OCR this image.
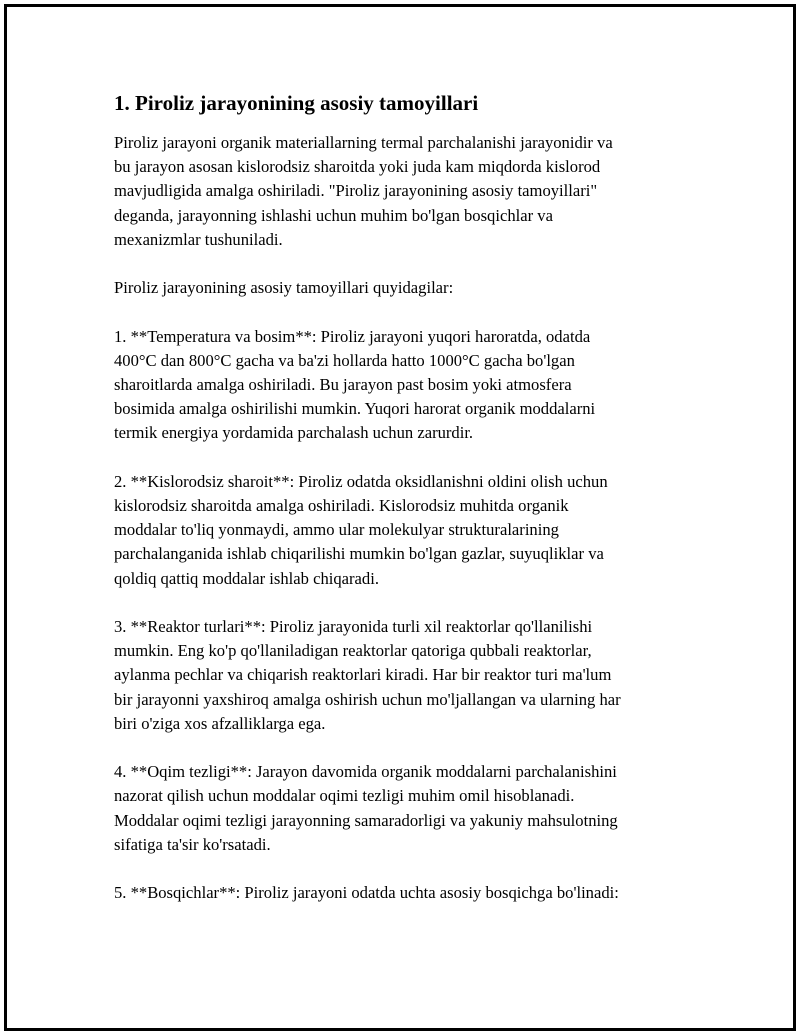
1. Piroliz jarayonining asosiy tamoyillari
Piroliz jarayoni organik materiallarning termal parchalanishi jarayonidir va
bu jarayon asosan kislorodsiz sharoitda yoki juda kam miqdorda kislorod
mavjudligida amalga oshiriladi. "Piroliz jarayonining asosiy tamoyillari"
deganda, jarayonning ishlashi uchun muhim bo'lgan bosqichlar va
mexanizmlar tushuniladi.
Piroliz jarayonining asosiy tamoyillari quyidagilar:
1. **Temperatura va bosim**: Piroliz jarayoni yuqori haroratda, odatda
400°C dan 800°C gacha va ba'zi hollarda hatto 1000°C gacha bo'lgan
sharoitlarda amalga oshiriladi. Bu jarayon past bosim yoki atmosfera
bosimida amalga oshirilishi mumkin. Yuqori harorat organik moddalarni
termik energiya yordamida parchalash uchun zarurdir.
2. **Kislorodsiz sharoit**: Piroliz odatda oksidlanishni oldini olish uchun
kislorodsiz sharoitda amalga oshiriladi. Kislorodsiz muhitda organik
moddalar to'liq yonmaydi, ammo ular molekulyar strukturalarining
parchalanganida ishlab chiqarilishi mumkin bo'lgan gazlar, suyuqliklar va
qoldiq qattiq moddalar ishlab chiqaradi.
3. **Reaktor turlari**: Piroliz jarayonida turli xil reaktorlar qo'llanilishi
mumkin. Eng ko'p qo'llaniladigan reaktorlar qatoriga qubbali reaktorlar,
aylanma pechlar va chiqarish reaktorlari kiradi. Har bir reaktor turi ma'lum
bir jarayonni yaxshiroq amalga oshirish uchun mo'ljallangan va ularning har
biri o'ziga xos afzalliklarga ega.
4. **Oqim tezligi**: Jarayon davomida organik moddalarni parchalanishini
nazorat qilish uchun moddalar oqimi tezligi muhim omil hisoblanadi.
Moddalar oqimi tezligi jarayonning samaradorligi va yakuniy mahsulotning
sifatiga ta'sir ko'rsatadi.
5. **Bosqichlar**: Piroliz jarayoni odatda uchta asosiy bosqichga bo'linadi:
